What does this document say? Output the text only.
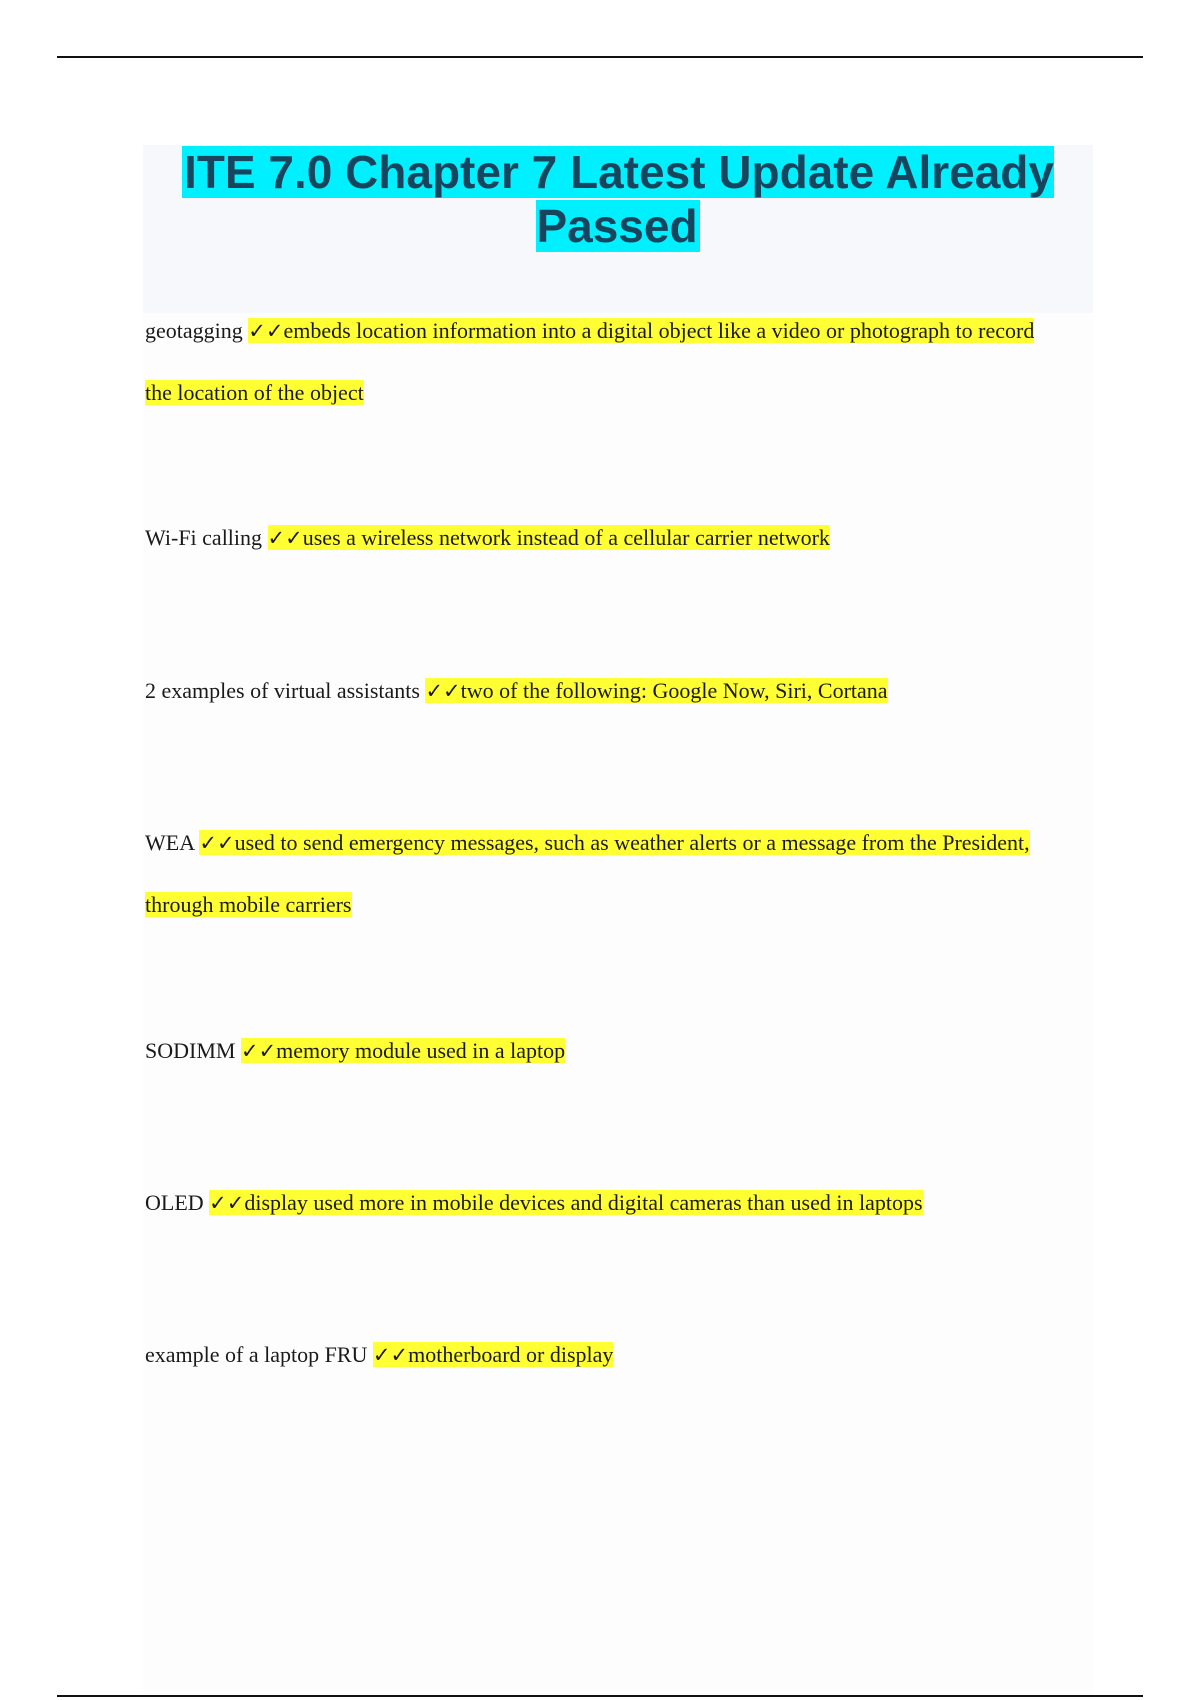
ITE 7.0 Chapter 7 Latest Update Already Passed

geotagging ✓✓embeds location information into a digital object like a video or photograph to record the location of the object

Wi-Fi calling ✓✓uses a wireless network instead of a cellular carrier network

2 examples of virtual assistants ✓✓two of the following: Google Now, Siri, Cortana

WEA ✓✓used to send emergency messages, such as weather alerts or a message from the President, through mobile carriers

SODIMM ✓✓memory module used in a laptop

OLED ✓✓display used more in mobile devices and digital cameras than used in laptops

example of a laptop FRU ✓✓motherboard or display
